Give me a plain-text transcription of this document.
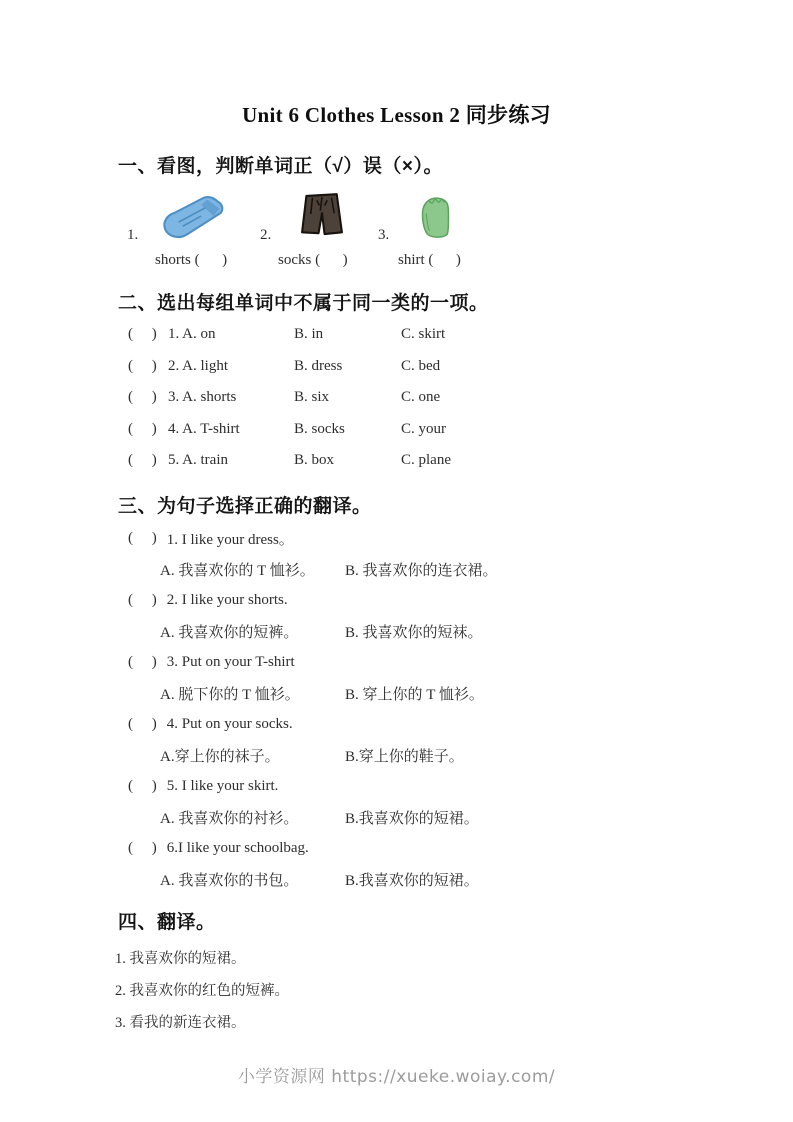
Unit 6 Clothes Lesson 2 同步练习
一、看图，判断单词正（√）误（×）。
1.
shorts (      )
2.
socks (      )
3.
shirt (      )
二、选出每组单词中不属于同一类的一项。
(     ) 1. A. on	B. in	C. skirt
(     ) 2. A. light	B. dress	C. bed
(     ) 3. A. shorts	B. six	C. one
(     ) 4. A. T-shirt	B. socks	C. your
(     ) 5. A. train	B. box	C. plane
三、为句子选择正确的翻译。
(     ) 1. I like your dress。
A. 我喜欢你的 T 恤衫。	B. 我喜欢你的连衣裙。
(     ) 2. I like your shorts.
A. 我喜欢你的短裤。	B. 我喜欢你的短袜。
(     ) 3. Put on your T-shirt
A. 脱下你的 T 恤衫。	B. 穿上你的 T 恤衫。
(     ) 4. Put on your socks.
A.穿上你的袜子。	B.穿上你的鞋子。
(     ) 5. I like your skirt.
A. 我喜欢你的衬衫。	B.我喜欢你的短裙。
(     ) 6.I like your schoolbag.
A. 我喜欢你的书包。	B.我喜欢你的短裙。
四、翻译。
1. 我喜欢你的短裙。
2. 我喜欢你的红色的短裤。
3. 看我的新连衣裙。
小学资源网 https://xueke.woiay.com/
